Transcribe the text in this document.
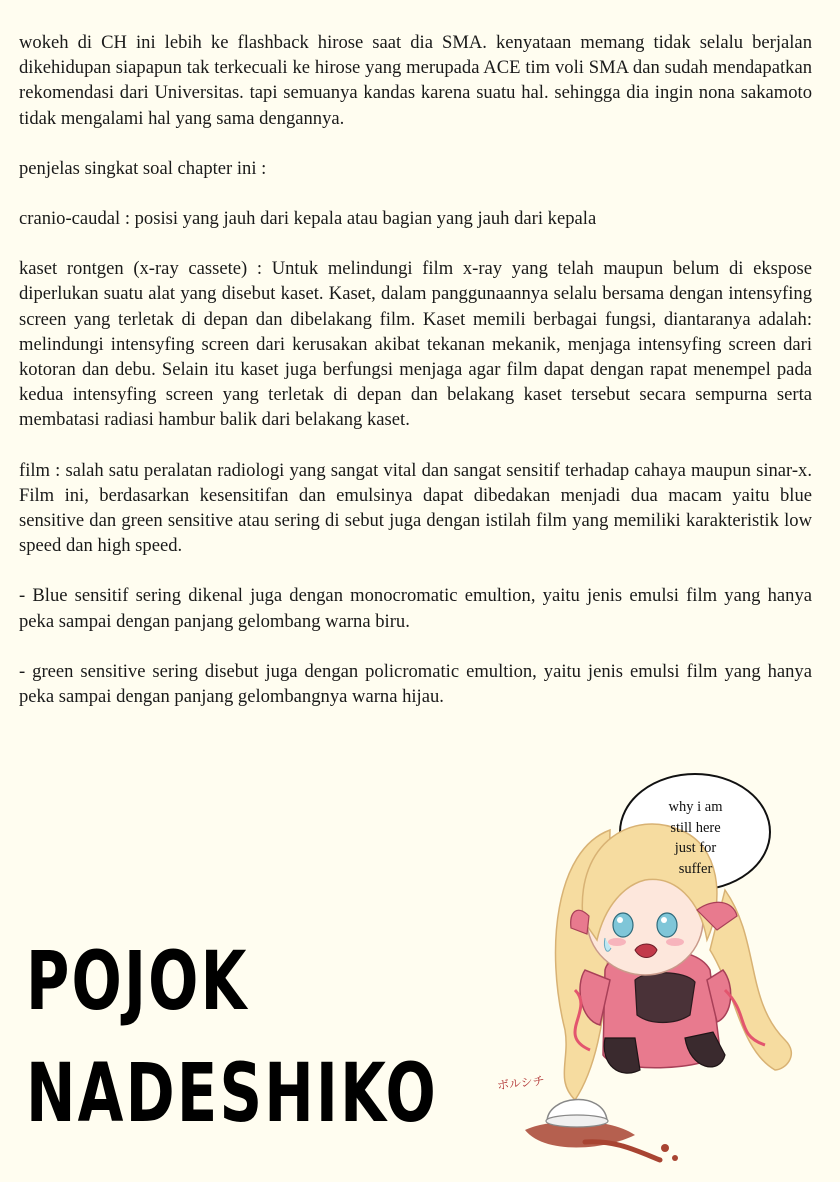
wokeh di CH ini lebih ke flashback hirose saat dia SMA. kenyataan memang tidak selalu berjalan dikehidupan siapapun tak terkecuali ke hirose yang merupada ACE tim voli SMA dan sudah mendapatkan rekomendasi dari Universitas. tapi semuanya kandas karena suatu hal. sehingga dia ingin nona sakamoto tidak mengalami hal yang sama dengannya.

penjelas singkat soal chapter ini :

cranio-caudal : posisi yang jauh dari kepala atau bagian yang jauh dari kepala

kaset rontgen (x-ray cassete) : Untuk melindungi film x-ray yang telah maupun belum di ekspose diperlukan suatu alat yang disebut kaset. Kaset, dalam panggunaannya selalu bersama dengan intensyfing screen yang terletak di depan dan dibelakang film. Kaset memili berbagai fungsi, diantaranya adalah: melindungi intensyfing screen dari kerusakan akibat tekanan mekanik, menjaga intensyfing screen dari kotoran dan debu. Selain itu kaset juga berfungsi menjaga agar film dapat dengan rapat menempel pada kedua intensyfing screen yang terletak di depan dan belakang kaset tersebut secara sempurna serta membatasi radiasi hambur balik dari belakang kaset.

film : salah satu peralatan radiologi yang sangat vital dan sangat sensitif terhadap cahaya maupun sinar-x. Film ini, berdasarkan kesensitifan dan emulsinya dapat dibedakan menjadi dua macam yaitu blue sensitive dan green sensitive atau sering di sebut juga dengan istilah film yang memiliki karakteristik low speed dan high speed.

- Blue sensitif sering dikenal juga dengan monocromatic emultion, yaitu jenis emulsi film yang hanya peka sampai dengan panjang gelombang warna biru.

- green sensitive sering disebut juga dengan policromatic emultion, yaitu jenis emulsi film yang hanya peka sampai dengan panjang gelombangnya warna hijau.

POJOK
NADESHIKO
why i am
still here
just for
suffer
ボルシチ
